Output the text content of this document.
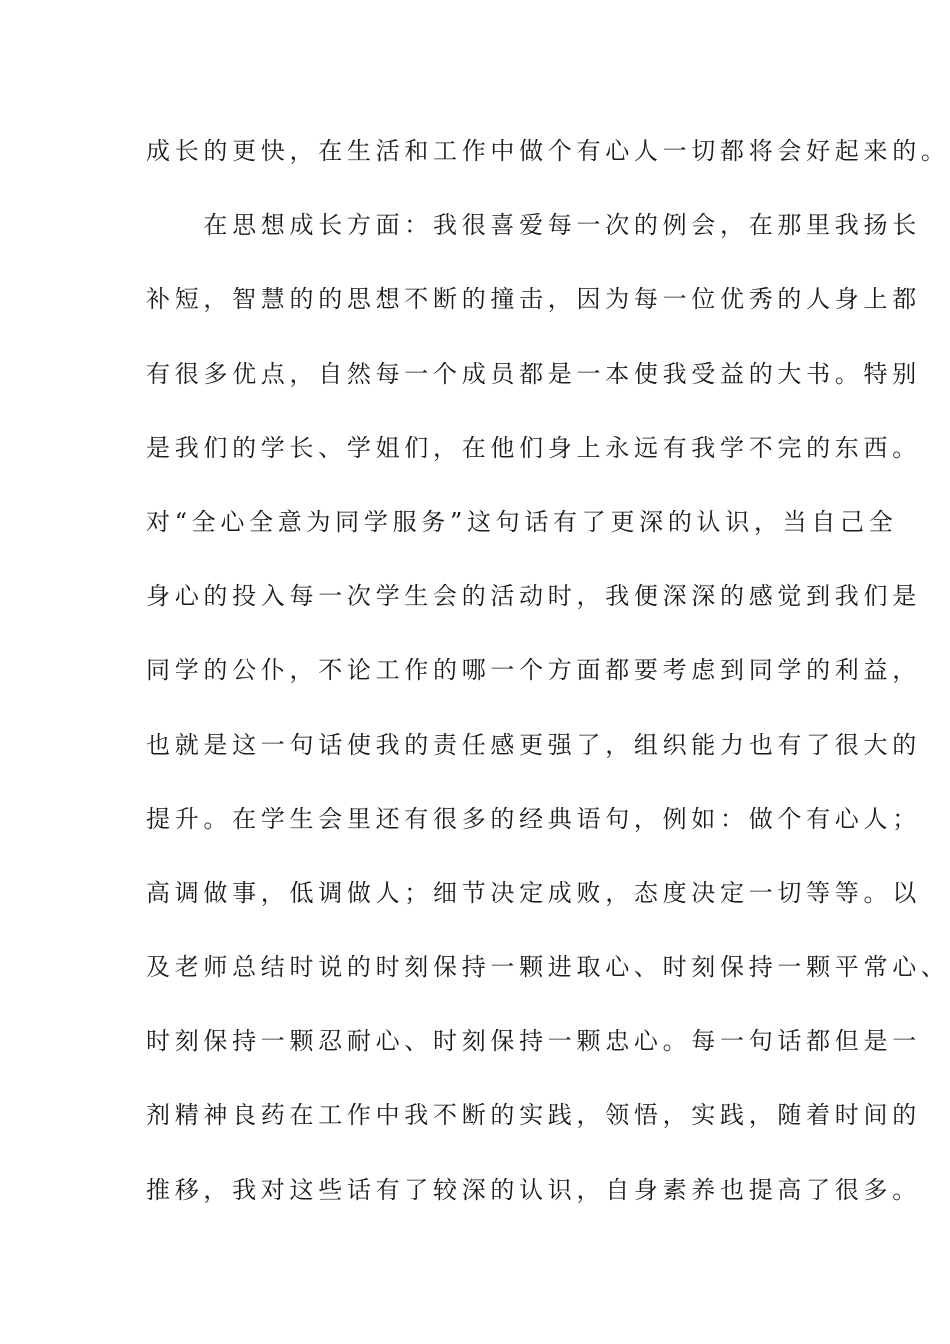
成长的更快，在生活和工作中做个有心人一切都将会好起来的。
　　在思想成长方面：我很喜爱每一次的例会，在那里我扬长
补短，智慧的的思想不断的撞击，因为每一位优秀的人身上都
有很多优点，自然每一个成员都是一本使我受益的大书。特别
是我们的学长、学姐们，在他们身上永远有我学不完的东西。
对“全心全意为同学服务”这句话有了更深的认识，当自己全
身心的投入每一次学生会的活动时，我便深深的感觉到我们是
同学的公仆，不论工作的哪一个方面都要考虑到同学的利益，
也就是这一句话使我的责任感更强了，组织能力也有了很大的
提升。在学生会里还有很多的经典语句，例如：做个有心人；
高调做事，低调做人；细节决定成败，态度决定一切等等。以
及老师总结时说的时刻保持一颗进取心、时刻保持一颗平常心、
时刻保持一颗忍耐心、时刻保持一颗忠心。每一句话都但是一
剂精神良药在工作中我不断的实践，领悟，实践，随着时间的
推移，我对这些话有了较深的认识，自身素养也提高了很多。
